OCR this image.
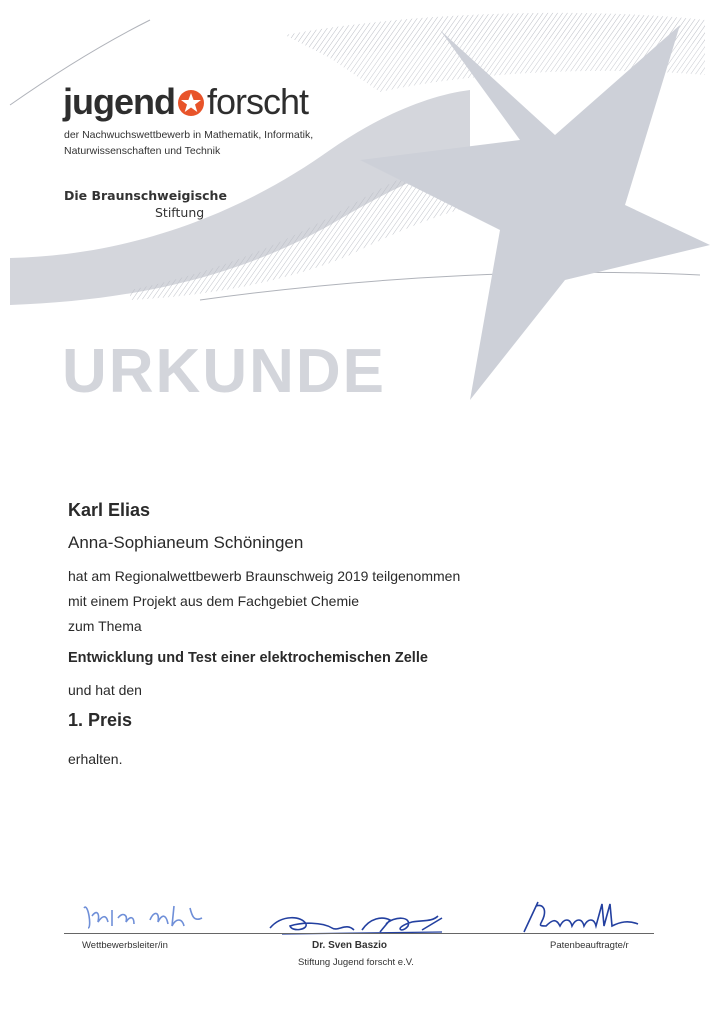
jugend forscht
der Nachwuchswettbewerb in Mathematik, Informatik,
Naturwissenschaften und Technik
Die Braunschweigische
Stiftung
URKUNDE
Karl Elias
Anna-Sophianeum Schöningen
hat am Regionalwettbewerb Braunschweig 2019 teilgenommen
mit einem Projekt aus dem Fachgebiet Chemie
zum Thema
Entwicklung und Test einer elektrochemischen Zelle
und hat den
1. Preis
erhalten.
Wettbewerbsleiter/in	Dr. Sven Baszio
Stiftung Jugend forscht e.V.
Patenbeauftragte/r
